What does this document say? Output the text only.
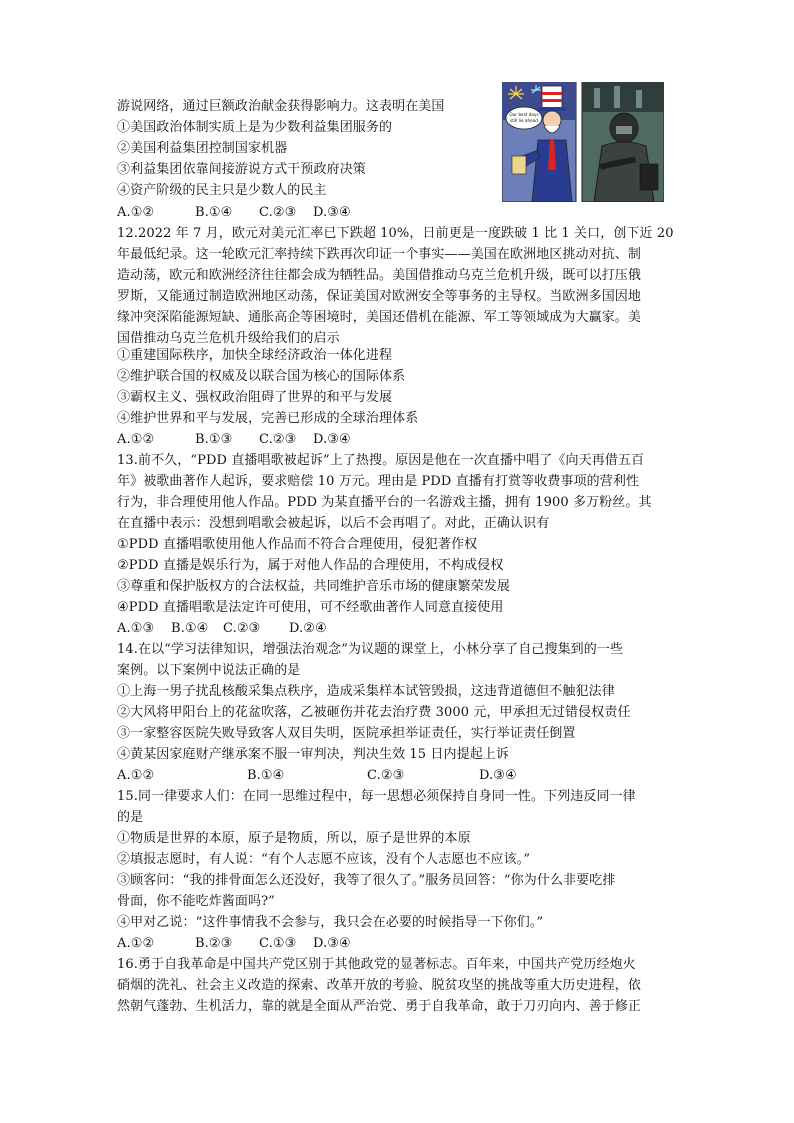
Our best days
still lie ahead
游说网络，通过巨额政治献金获得影响力。这表明在美国
①美国政治体制实质上是为少数利益集团服务的
②美国利益集团控制国家机器
③利益集团依靠间接游说方式干预政府决策
④资产阶级的民主只是少数人的民主
A.①②	B.①④ C.②③ D.③④
12.2022 年 7 月，欧元对美元汇率已下跌超 10%，日前更是一度跌破 1 比 1 关口，创下近 20
年最低纪录。这一轮欧元汇率持续下跌再次印证一个事实——美国在欧洲地区挑动对抗、制
造动荡，欧元和欧洲经济往往都会成为牺牲品。美国借推动乌克兰危机升级，既可以打压俄
罗斯，又能通过制造欧洲地区动荡，保证美国对欧洲安全等事务的主导权。当欧洲多国因地
缘冲突深陷能源短缺、通胀高企等困境时，美国还借机在能源、军工等领域成为大赢家。美
国借推动乌克兰危机升级给我们的启示
①重建国际秩序，加快全球经济政治一体化进程
②维护联合国的权威及以联合国为核心的国际体系
③霸权主义、强权政治阻碍了世界的和平与发展
④维护世界和平与发展，完善已形成的全球治理体系
A.①②	B.①③ C.②③ D.③④
13.前不久，“PDD 直播唱歌被起诉”上了热搜。原因是他在一次直播中唱了《向天再借五百
年》被歌曲著作人起诉，要求赔偿 10 万元。理由是 PDD 直播有打赏等收费事项的营利性
行为，非合理使用他人作品。PDD 为某直播平台的一名游戏主播，拥有 1900 多万粉丝。其
在直播中表示：没想到唱歌会被起诉，以后不会再唱了。对此，正确认识有
①PDD 直播唱歌使用他人作品而不符合合理使用，侵犯著作权
②PDD 直播是娱乐行为，属于对他人作品的合理使用，不构成侵权
③尊重和保护版权方的合法权益，共同维护音乐市场的健康繁荣发展
④PDD 直播唱歌是法定许可使用，可不经歌曲著作人同意直接使用
A.①③ B.①④ C.②③ D.②④
14.在以“学习法律知识，增强法治观念”为议题的课堂上，小林分享了自己搜集到的一些
案例。以下案例中说法正确的是
①上海一男子扰乱核酸采集点秩序，造成采集样本试管毁损，这违背道德但不触犯法律
②大风将甲阳台上的花盆吹落，乙被砸伤并花去治疗费 3000 元，甲承担无过错侵权责任
③一家整容医院失败导致客人双目失明，医院承担举证责任，实行举证责任倒置
④黄某因家庭财产继承案不服一审判决，判决生效 15 日内提起上诉
A.①②	B.①④	C.②③	D.③④
15.同一律要求人们：在同一思维过程中，每一思想必须保持自身同一性。下列违反同一律
的是
①物质是世界的本原，原子是物质，所以，原子是世界的本原
②填报志愿时，有人说：“有个人志愿不应该，没有个人志愿也不应该。”
③顾客问：“我的排骨面怎么还没好，我等了很久了。”服务员回答：“你为什么非要吃排
骨面，你不能吃炸酱面吗?”
④甲对乙说：“这件事情我不会参与，我只会在必要的时候指导一下你们。”
A.①②	B.②③ C.①③ D.③④
16.勇于自我革命是中国共产党区别于其他政党的显著标志。百年来，中国共产党历经炮火
硝烟的洗礼、社会主义改造的探索、改革开放的考验、脱贫攻坚的挑战等重大历史进程，依
然朝气蓬勃、生机活力，靠的就是全面从严治党、勇于自我革命，敢于刀刃向内、善于修正
